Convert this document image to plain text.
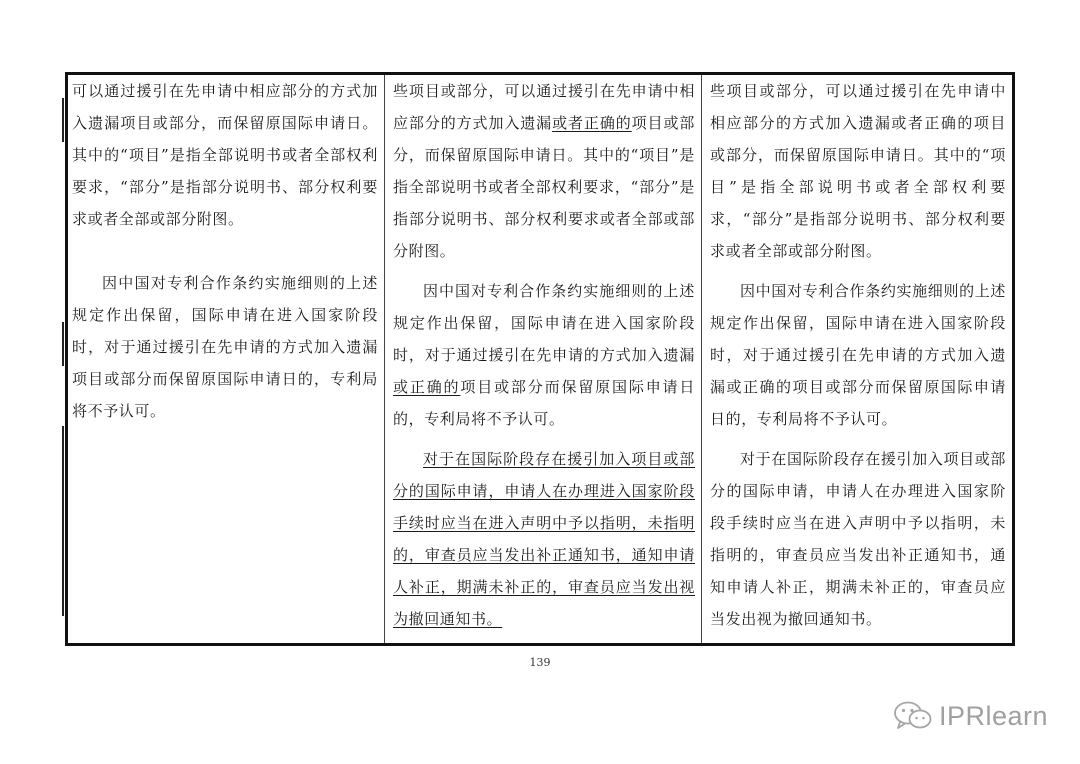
可以通过援引在先申请中相应部分的方式加入遗漏项目或部分，而保留原国际申请日。其中的“项目”是指全部说明书或者全部权利要求，“部分”是指部分说明书、部分权利要求或者全部或部分附图。

因中国对专利合作条约实施细则的上述规定作出保留，国际申请在进入国家阶段时，对于通过援引在先申请的方式加入遗漏项目或部分而保留原国际申请日的，专利局将不予认可。

些项目或部分，可以通过援引在先申请中相应部分的方式加入遗漏或者正确的项目或部分，而保留原国际申请日。其中的“项目”是指全部说明书或者全部权利要求，“部分”是指部分说明书、部分权利要求或者全部或部分附图。

因中国对专利合作条约实施细则的上述规定作出保留，国际申请在进入国家阶段时，对于通过援引在先申请的方式加入遗漏或正确的项目或部分而保留原国际申请日的，专利局将不予认可。

对于在国际阶段存在援引加入项目或部分的国际申请，申请人在办理进入国家阶段手续时应当在进入声明中予以指明，未指明的，审查员应当发出补正通知书，通知申请人补正，期满未补正的，审查员应当发出视为撤回通知书。

些项目或部分，可以通过援引在先申请中相应部分的方式加入遗漏或者正确的项目或部分，而保留原国际申请日。其中的“项目”是指全部说明书或者全部权利要求，“部分”是指部分说明书、部分权利要求或者全部或部分附图。

因中国对专利合作条约实施细则的上述规定作出保留，国际申请在进入国家阶段时，对于通过援引在先申请的方式加入遗漏或正确的项目或部分而保留原国际申请日的，专利局将不予认可。

对于在国际阶段存在援引加入项目或部分的国际申请，申请人在办理进入国家阶段手续时应当在进入声明中予以指明，未指明的，审查员应当发出补正通知书，通知申请人补正，期满未补正的，审查员应当发出视为撤回通知书。

139
IPRlearn
